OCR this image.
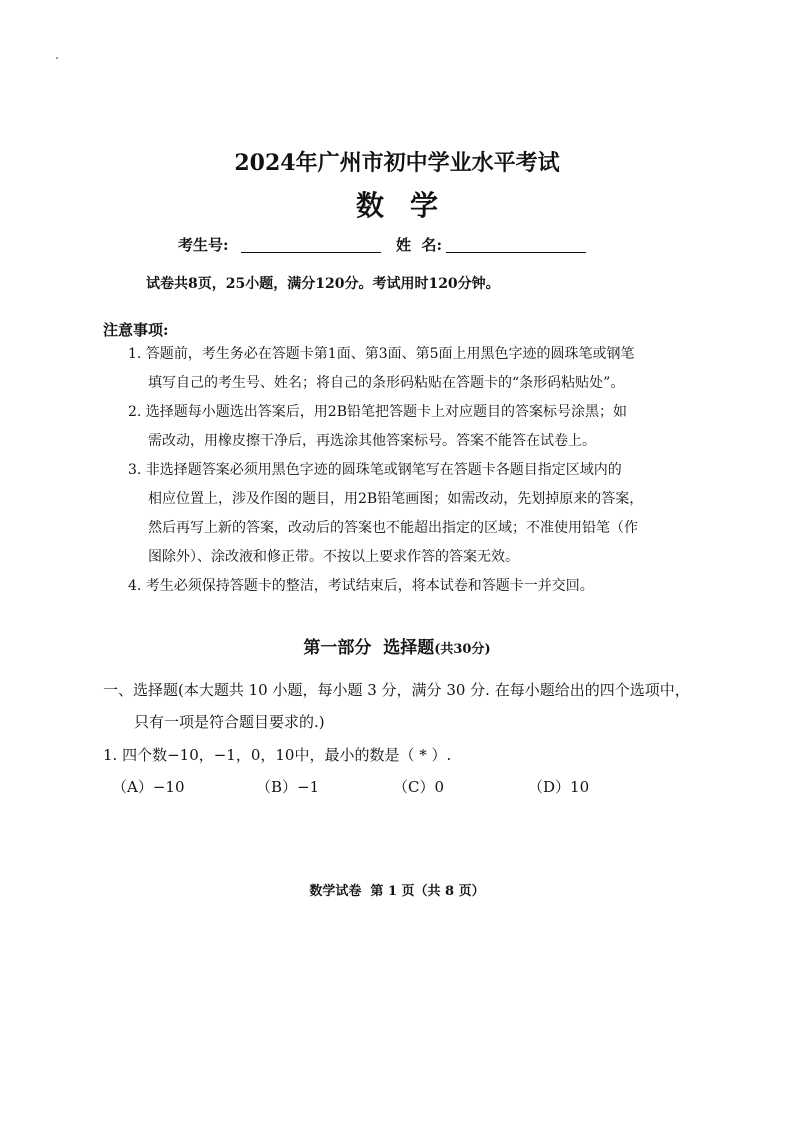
2024年广州市初中学业水平考试
数学
考生号:	姓  名:
试卷共8页，25小题，满分120分。考试用时120分钟。
注意事项:
1. 答题前，考生务必在答题卡第1面、第3面、第5面上用黑色字迹的圆珠笔或钢笔
填写自己的考生号、姓名；将自己的条形码粘贴在答题卡的“条形码粘贴处”。
2. 选择题每小题选出答案后，用2B铅笔把答题卡上对应题目的答案标号涂黑；如
需改动，用橡皮擦干净后，再选涂其他答案标号。答案不能答在试卷上。
3. 非选择题答案必须用黑色字迹的圆珠笔或钢笔写在答题卡各题目指定区域内的
相应位置上，涉及作图的题目，用2B铅笔画图；如需改动，先划掉原来的答案，
然后再写上新的答案，改动后的答案也不能超出指定的区域；不准使用铅笔（作
图除外）、涂改液和修正带。不按以上要求作答的答案无效。
4. 考生必须保持答题卡的整洁，考试结束后，将本试卷和答题卡一并交回。
第一部分  选择题(共30分)
一、选择题(本大题共 10 小题，每小题 3 分，满分 30 分. 在每小题给出的四个选项中，
只有一项是符合题目要求的.)
1. 四个数−10，−1，0，10中，最小的数是（ * ）.
（A）−10	（B）−1	（C）0	（D）10
数学试卷  第 1 页（共 8 页）
